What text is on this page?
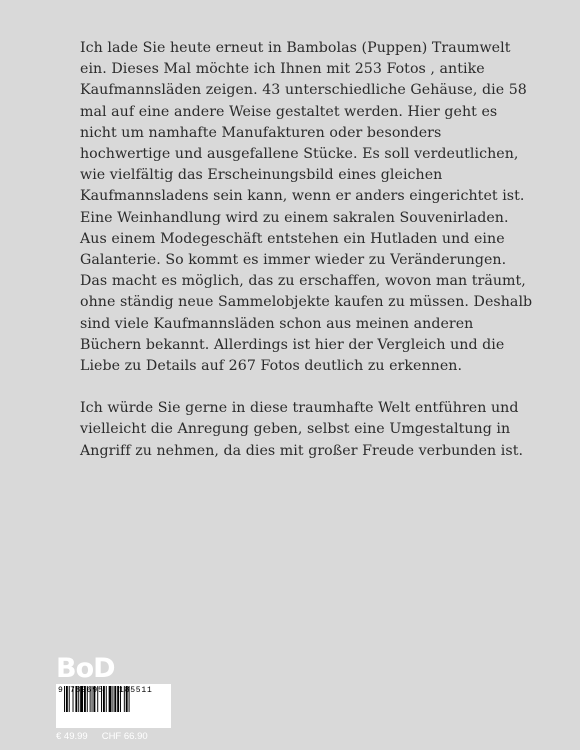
Ich lade Sie heute erneut in Bambolas (Puppen) Traumwelt
ein. Dieses Mal möchte ich Ihnen mit 253 Fotos , antike
Kaufmannsläden zeigen. 43 unterschiedliche Gehäuse, die 58
mal auf eine andere Weise gestaltet werden. Hier geht es
nicht um namhafte Manufakturen oder besonders
hochwertige und ausgefallene Stücke. Es soll verdeutlichen,
wie vielfältig das Erscheinungsbild eines gleichen
Kaufmannsladens sein kann, wenn er anders eingerichtet ist.
Eine Weinhandlung wird zu einem sakralen Souvenirladen.
Aus einem Modegeschäft entstehen ein Hutladen und eine
Galanterie. So kommt es immer wieder zu Veränderungen.
Das macht es möglich, das zu erschaffen, wovon man träumt,
ohne ständig neue Sammelobjekte kaufen zu müssen. Deshalb
sind viele Kaufmannsläden schon aus meinen anderen
Büchern bekannt. Allerdings ist hier der Vergleich und die
Liebe zu Details auf 267 Fotos deutlich zu erkennen.

Ich würde Sie gerne in diese traumhafte Welt entführen und
vielleicht die Anregung geben, selbst eine Umgestaltung in
Angriff zu nehmen, da dies mit großer Freude verbunden ist.

BoD
9 783695	185511
€ 49.99 CHF 66.90
